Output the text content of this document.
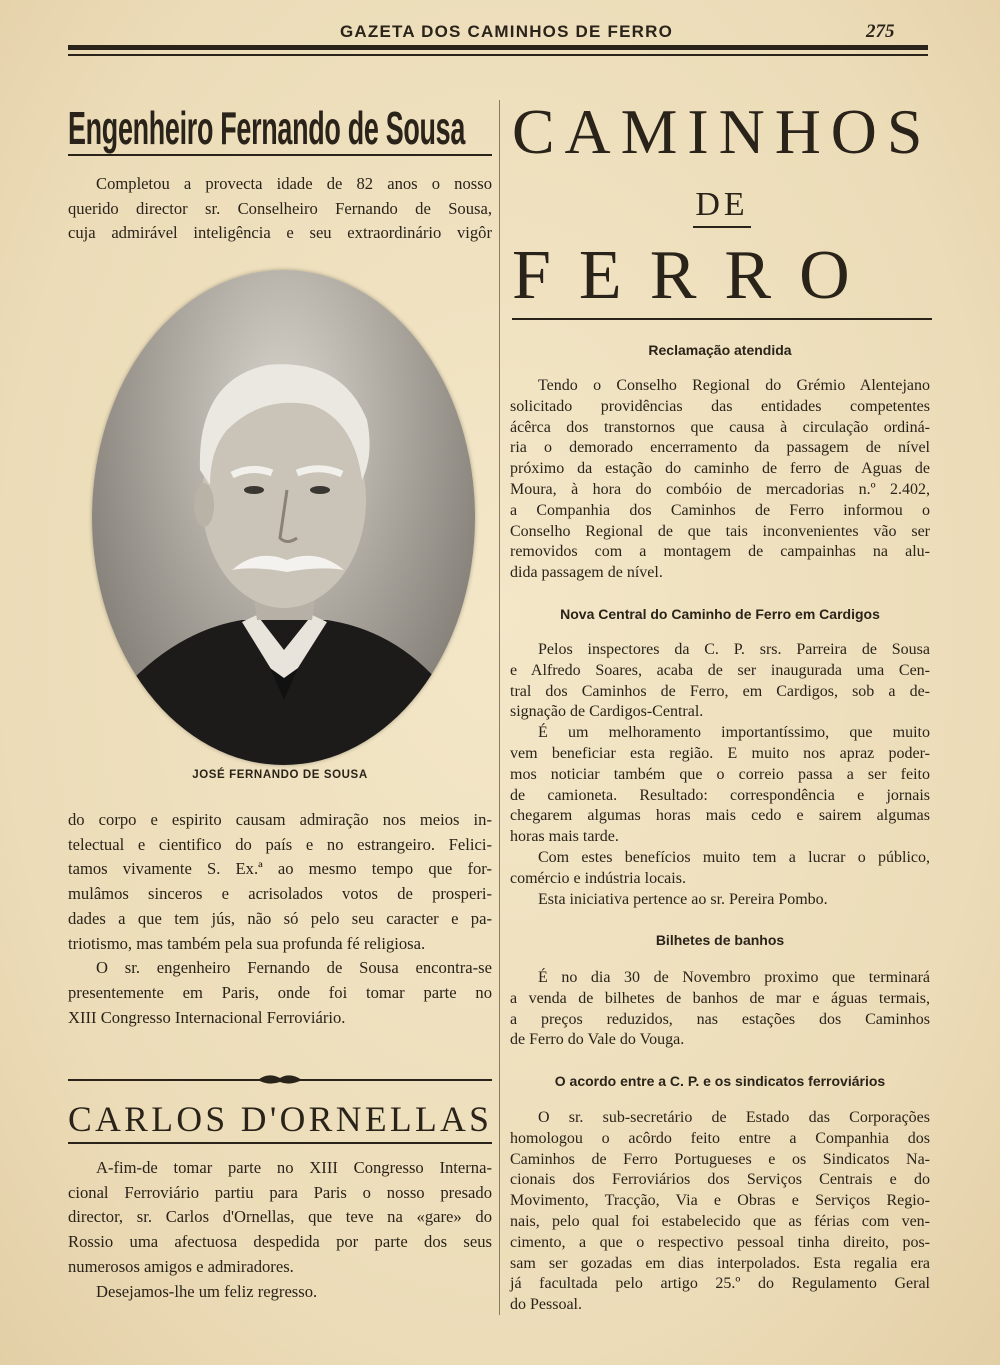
GAZETA DOS CAMINHOS DE FERRO	275
Engenheiro Fernando de Sousa
Completou a provecta idade de 82 anos o nosso
querido director sr. Conselheiro Fernando de Sousa,
cuja admirável inteligência e seu extraordinário vigôr
JOSÉ FERNANDO DE SOUSA
do corpo e espirito causam admiração nos meios in-
telectual e cientifico do país e no estrangeiro. Felici-
tamos vivamente S. Ex.ª ao mesmo tempo que for-
mulâmos sinceros e acrisolados votos de prosperi-
dades a que tem jús, não só pelo seu caracter e pa-
triotismo, mas também pela sua profunda fé religiosa.
O sr. engenheiro Fernando de Sousa encontra-se
presentemente em Paris, onde foi tomar parte no
XIII Congresso Internacional Ferroviário.
CARLOS D'ORNELLAS
A-fim-de tomar parte no XIII Congresso Interna-
cional Ferroviário partiu para Paris o nosso presado
director, sr. Carlos d'Ornellas, que teve na «gare» do
Rossio uma afectuosa despedida por parte dos seus
numerosos amigos e admiradores.
Desejamos-lhe um feliz regresso.
CAMINHOS
DE
FERRO
Reclamação atendida
Tendo o Conselho Regional do Grémio Alentejano
solicitado providências das entidades competentes
ácêrca dos transtornos que causa à circulação ordiná-
ria o demorado encerramento da passagem de nível
próximo da estação do caminho de ferro de Aguas de
Moura, à hora do combóio de mercadorias n.º 2.402,
a Companhia dos Caminhos de Ferro informou o
Conselho Regional de que tais inconvenientes vão ser
removidos com a montagem de campainhas na alu-
dida passagem de nível.
Nova Central do Caminho de Ferro em Cardigos
Pelos inspectores da C. P. srs. Parreira de Sousa
e Alfredo Soares, acaba de ser inaugurada uma Cen-
tral dos Caminhos de Ferro, em Cardigos, sob a de-
signação de Cardigos-Central.
É um melhoramento importantíssimo, que muito
vem beneficiar esta região. E muito nos apraz poder-
mos noticiar também que o correio passa a ser feito
de camioneta. Resultado: correspondência e jornais
chegarem algumas horas mais cedo e sairem algumas
horas mais tarde.
Com estes benefícios muito tem a lucrar o público,
comércio e indústria locais.
Esta iniciativa pertence ao sr. Pereira Pombo.
Bilhetes de banhos
É no dia 30 de Novembro proximo que terminará
a venda de bilhetes de banhos de mar e águas termais,
a preços reduzidos, nas estações dos Caminhos
de Ferro do Vale do Vouga.
O acordo entre a C. P. e os sindicatos ferroviários
O sr. sub-secretário de Estado das Corporações
homologou o acôrdo feito entre a Companhia dos
Caminhos de Ferro Portugueses e os Sindicatos Na-
cionais dos Ferroviários dos Serviços Centrais e do
Movimento, Tracção, Via e Obras e Serviços Regio-
nais, pelo qual foi estabelecido que as férias com ven-
cimento, a que o respectivo pessoal tinha direito, pos-
sam ser gozadas em dias interpolados. Esta regalia era
já facultada pelo artigo 25.º do Regulamento Geral
do Pessoal.
